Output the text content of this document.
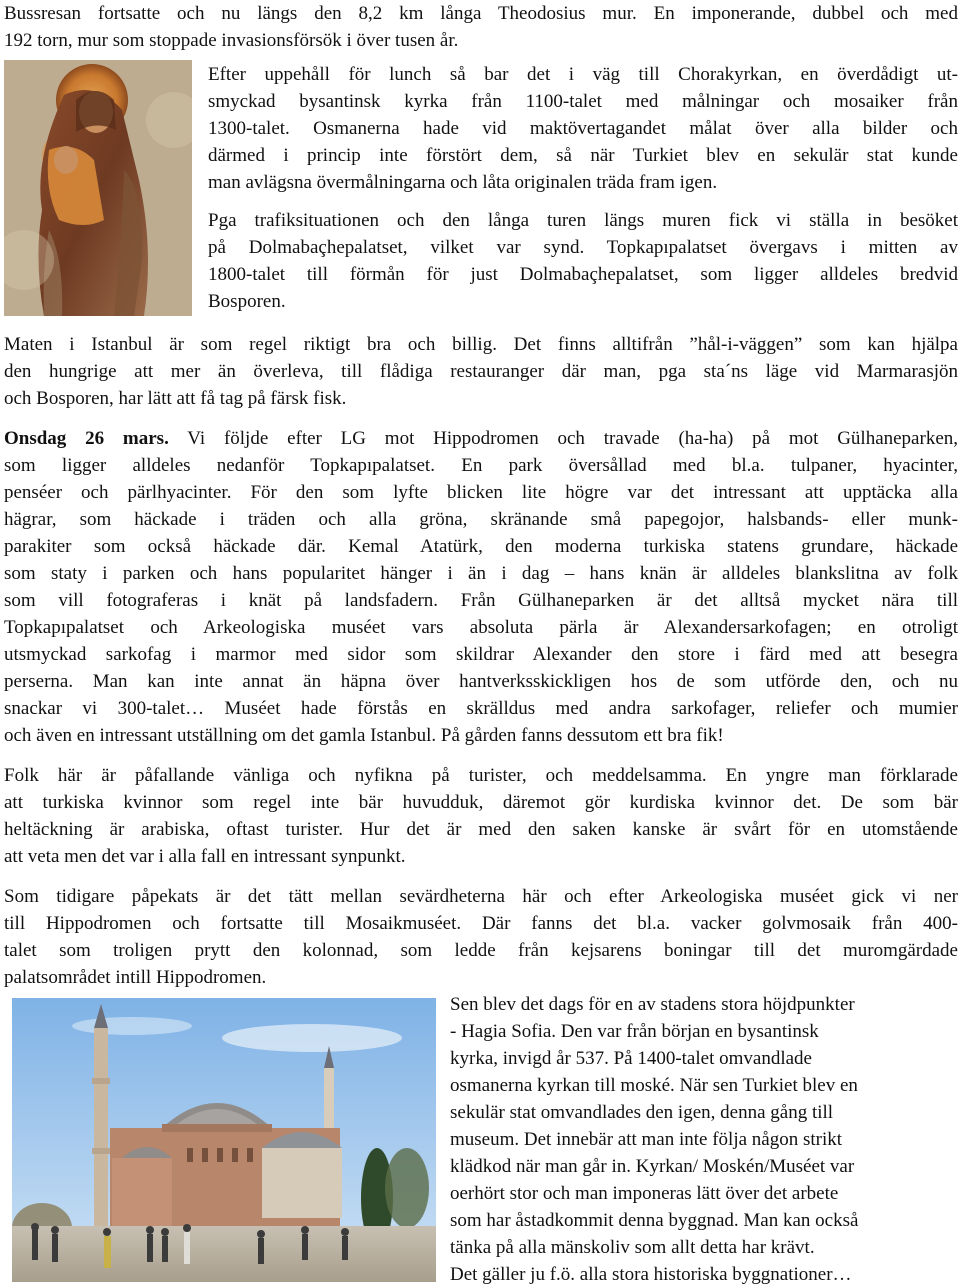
Bussresan fortsatte och nu längs den 8,2 km långa Theodosius mur. En imponerande, dubbel och med
192 torn, mur som stoppade invasionsförsök i över tusen år.
Efter uppehåll för lunch så bar det i väg till Chorakyrkan, en överdådigt ut-
smyckad bysantinsk kyrka från 1100-talet med målningar och mosaiker från
1300-talet. Osmanerna hade vid maktövertagandet målat över alla bilder och
därmed i princip inte förstört dem, så när Turkiet blev en sekulär stat kunde
man avlägsna övermålningarna och låta originalen träda fram igen.
Pga trafiksituationen och den långa turen längs muren fick vi ställa in besöket
på Dolmabaçhepalatset, vilket var synd. Topkapıpalatset övergavs i mitten av
1800-talet till förmån för just Dolmabaçhepalatset, som ligger alldeles bredvid
Bosporen.
Maten i Istanbul är som regel riktigt bra och billig. Det finns alltifrån ”hål-i-väggen” som kan hjälpa
den hungrige att mer än överleva, till flådiga restauranger där man, pga sta´ns läge vid Marmarasjön
och Bosporen, har lätt att få tag på färsk fisk.
Onsdag 26 mars. Vi följde efter LG mot Hippodromen och travade (ha-ha) på mot Gülhaneparken,
som ligger alldeles nedanför Topkapıpalatset. En park översållad med bl.a. tulpaner, hyacinter,
penséer och pärlhyacinter. För den som lyfte blicken lite högre var det intressant att upptäcka alla
hägrar, som häckade i träden och alla gröna, skränande små papegojor, halsbands- eller munk-
parakiter som också häckade där. Kemal Atatürk, den moderna turkiska statens grundare, häckade
som staty i parken och hans popularitet hänger i än i dag – hans knän är alldeles blankslitna av folk
som vill fotograferas i knät på landsfadern. Från Gülhaneparken är det alltså mycket nära till
Topkapıpalatset och Arkeologiska muséet vars absoluta pärla är Alexandersarkofagen; en otroligt
utsmyckad sarkofag i marmor med sidor som skildrar Alexander den store i färd med att besegra
perserna. Man kan inte annat än häpna över hantverksskickligen hos de som utförde den, och nu
snackar vi 300-talet… Muséet hade förstås en skrälldus med andra sarkofager, reliefer och mumier
och även en intressant utställning om det gamla Istanbul. På gården fanns dessutom ett bra fik!
Folk här är påfallande vänliga och nyfikna på turister, och meddelsamma. En yngre man förklarade
att turkiska kvinnor som regel inte bär huvudduk, däremot gör kurdiska kvinnor det. De som bär
heltäckning är arabiska, oftast turister. Hur det är med den saken kanske är svårt för en utomstående
att veta men det var i alla fall en intressant synpunkt.
Som tidigare påpekats är det tätt mellan sevärdheterna här och efter Arkeologiska muséet gick vi ner
till Hippodromen och fortsatte till Mosaikmuséet. Där fanns det bl.a. vacker golvmosaik från 400-
talet som troligen prytt den kolonnad, som ledde från kejsarens boningar till det muromgärdade
palatsområdet intill Hippodromen.
Sen blev det dags för en av stadens stora höjdpunkter
- Hagia Sofia. Den var från början en bysantinsk
kyrka, invigd år 537. På 1400-talet omvandlade
osmanerna kyrkan till moské. När sen Turkiet blev en
sekulär stat omvandlades den igen, denna gång till
museum. Det innebär att man inte följa någon strikt
klädkod när man går in. Kyrkan/ Moskén/Muséet var
oerhört stor och man imponeras lätt över det arbete
som har åstadkommit denna byggnad. Man kan också
tänka på alla mänskoliv som allt detta har krävt.
Det gäller ju f.ö. alla stora historiska byggnationer…
